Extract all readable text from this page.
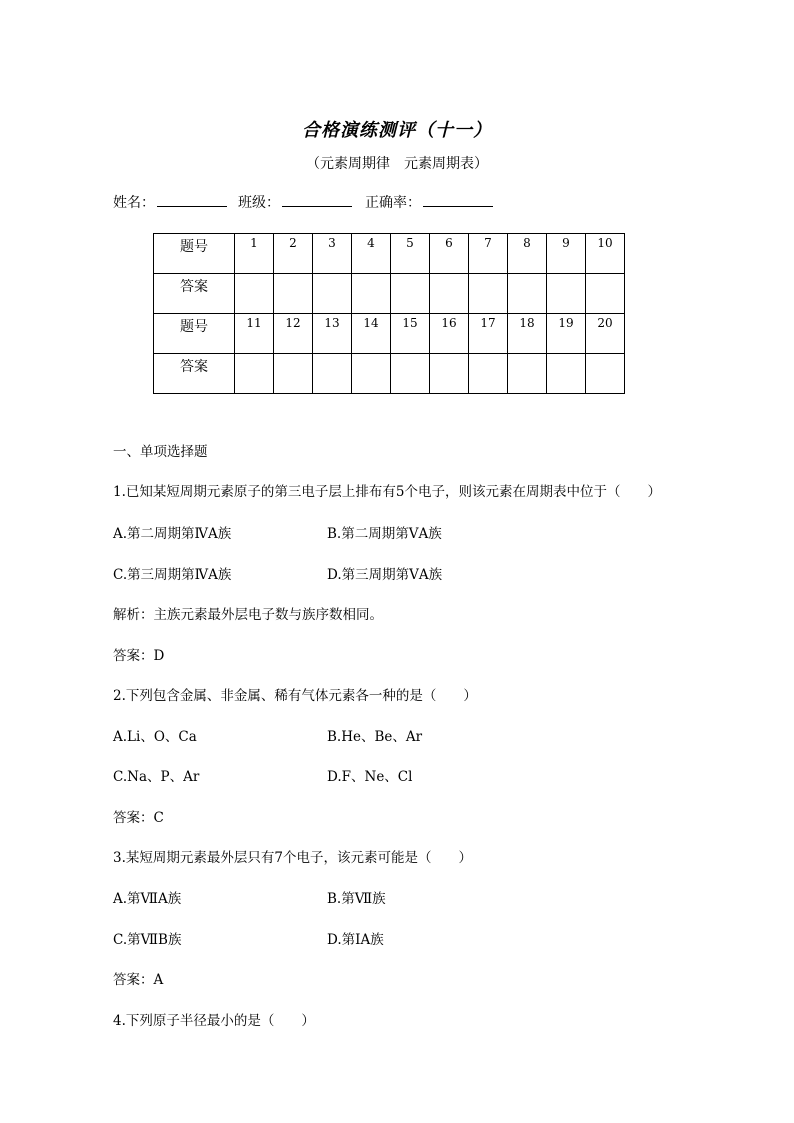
合格演练测评（十一）
（元素周期律　元素周期表）
姓名：	班级：	正确率：
题号	1	2	3	4	5	6	7	8	9	10
答案										
题号	11	12	13	14	15	16	17	18	19	20
答案										
一、单项选择题
1.已知某短周期元素原子的第三电子层上排布有5个电子，则该元素在周期表中位于（　　）
A.第二周期第ⅣA族	B.第二周期第ⅤA族
C.第三周期第ⅣA族	D.第三周期第ⅤA族
解析：主族元素最外层电子数与族序数相同。
答案：D
2.下列包含金属、非金属、稀有气体元素各一种的是（　　）
A.Li、O、Ca	B.He、Be、Ar
C.Na、P、Ar	D.F、Ne、Cl
答案：C
3.某短周期元素最外层只有7个电子，该元素可能是（　　）
A.第ⅦA族	B.第Ⅶ族
C.第ⅦB族	D.第ⅠA族
答案：A
4.下列原子半径最小的是（　　）
